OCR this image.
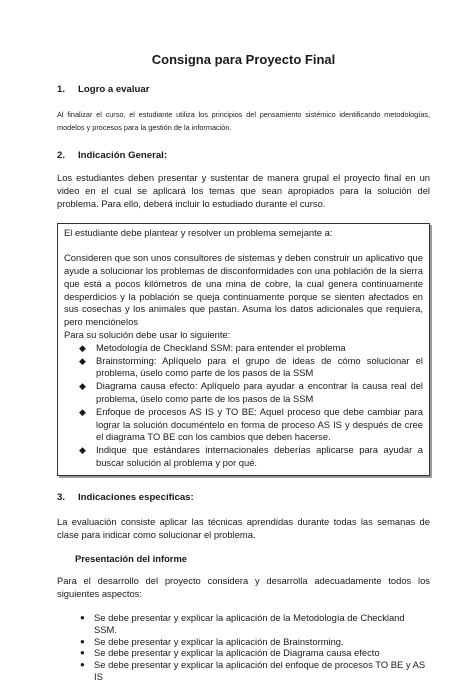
Consigna para Proyecto Final
1. Logro a evaluar

Al finalizar el curso, el estudiante utiliza los principios del pensamiento sistémico identificando metodologías, modelos y procesos para la gestión de la información.

2. Indicación General:

Los estudiantes deben presentar y sustentar de manera grupal el proyecto final en un video en el cual se aplicará los temas que sean apropiados para la solución del problema. Para ello, deberá incluir lo estudiado durante el curso.

El estudiante debe plantear y resolver un problema semejante a:

Consideren que son unos consultores de sistemas y deben construir un aplicativo que ayude a solucionar los problemas de disconformidades con una población de la sierra que está a pocos kilómetros de una mina de cobre, la cual genera continuamente desperdicios y la población se queja continuamente porque se sienten afectados en sus cosechas y los animales que pastan. Asuma los datos adicionales que requiera, pero menciónelos

Para su solución debe usar lo siguiente:

◆ Metodología de Checkland SSM: para entender el problema
◆ Brainstorming: Aplíquelo para el grupo de ideas de cómo solucionar el problema, úselo como parte de los pasos de la SSM
◆ Diagrama causa efecto: Aplíquelo para ayudar a encontrar la causa real del problema, úselo como parte de los pasos de la SSM
◆ Enfoque de procesos AS IS y TO BE: Aquel proceso que debe cambiar para lograr la solución documéntelo en forma de proceso AS IS y después de cree el diagrama TO BE con los cambios que deben hacerse.
◆ Indique que estándares internacionales deberías aplicarse para ayudar a buscar solución al problema y por qué.
3. Indicaciones específicas:

La evaluación consiste aplicar las técnicas aprendidas durante todas las semanas de clase para indicar como solucionar el problema.

Presentación del informe

Para el desarrollo del proyecto considera y desarrolla adecuadamente todos los siguientes aspectos:

● Se debe presentar y explicar la aplicación de la Metodología de Checkland SSM.
● Se debe presentar y explicar la aplicación de Brainstorming.
● Se debe presentar y explicar la aplicación de Diagrama causa efecto
● Se debe presentar y explicar la aplicación del enfoque de procesos TO BE y AS IS
